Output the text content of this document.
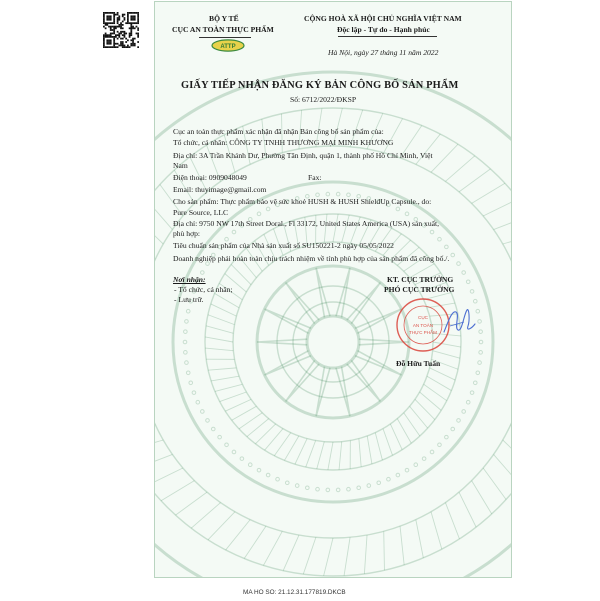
BỘ Y TẾ
CỤC AN TOÀN THỰC PHẨM
ATTP
CỘNG HOÀ XÃ HỘI CHỦ NGHĨA VIỆT NAM
Độc lập - Tự do - Hạnh phúc
Hà Nội, ngày 27 tháng 11 năm 2022
GIẤY TIẾP NHẬN ĐĂNG KÝ BẢN CÔNG BỐ SẢN PHẨM
Số: 6712/2022/ĐKSP
Cục an toàn thực phẩm xác nhận đã nhận Bản công bố sản phẩm của:
Tổ chức, cá nhân: CÔNG TY TNHH THƯƠNG MẠI MINH KHƯƠNG
Địa chỉ: 3A Trần Khánh Dư, Phường Tân Định, quận 1, thành phố Hồ Chí Minh, Việt
Nam
Điện thoại: 0909048049	Fax:
Email: thuyimage@gmail.com
Cho sản phẩm: Thực phẩm bảo vệ sức khoẻ HUSH & HUSH ShieldUp Capsule., do:
Pure Source, LLC
Địa chỉ: 9750 NW 17th Street Doral., Fl 33172, United States America (USA) sản xuất,
phù hợp:
Tiêu chuẩn sản phẩm của Nhà sản xuất số SU150221-2 ngày 05/05/2022
Doanh nghiệp phải hoàn toàn chịu trách nhiệm về tính phù hợp của sản phẩm đã công bố./.
Nơi nhận:
- Tổ chức, cá nhân;
- Lưu trữ.
KT. CỤC TRƯỞNG
PHÓ CỤC TRƯỞNG
CỤC
AN TOÀN
THỰC PHẨM
Đỗ Hữu Tuấn
MA HO SO: 21.12.31.177819.DKCB
